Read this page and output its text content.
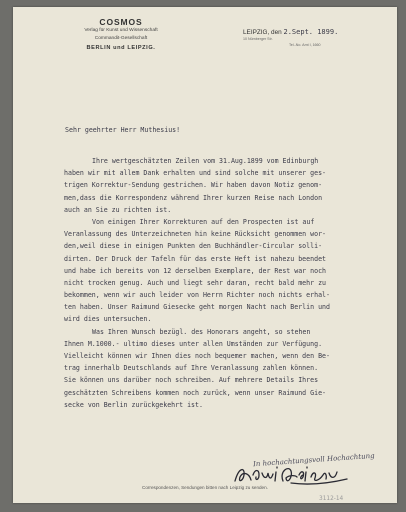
COSMOS
Verlag für Kunst und Wissenschaft
Commandit-Gesellschaft
BERLIN und LEIPZIG.
LEIPZIG, den 2.Sept. 1899.
10 Nürnberger Str.
Tel.-No. Amt I, 1660
Sehr geehrter Herr Muthesius!
Ihre wertgeschätzten Zeilen vom 31.Aug.1899 vom Edinburgh
haben wir mit allem Dank erhalten und sind solche mit unserer ges-
trigen Korrektur-Sendung gestrichen. Wir haben davon Notiz genom-
men,dass die Korrespondenz während Ihrer kurzen Reise nach London
auch an Sie zu richten ist.
Von einigen Ihrer Korrekturen auf den Prospecten ist auf
Veranlassung des Unterzeichneten hin keine Rücksicht genommen wor-
den,weil diese in einigen Punkten den Buchhändler-Circular solli-
dirten. Der Druck der Tafeln für das erste Heft ist nahezu beendet
und habe ich bereits von 12 derselben Exemplare, der Rest war noch
nicht trocken genug. Auch und liegt sehr daran, recht bald mehr zu
bekommen, wenn wir auch leider von Herrn Richter noch nichts erhal-
ten haben. Unser Raimund Giesecke geht morgen Nacht nach Berlin und
wird dies untersuchen.
Was Ihren Wunsch bezügl. des Honorars angeht, so stehen
Ihnen M.1000.- ultimo dieses unter allen Umständen zur Verfügung.
Vielleicht können wir Ihnen dies noch bequemer machen, wenn den Be-
trag innerhalb Deutschlands auf Ihre Veranlassung zahlen können.
Sie können uns darüber noch schreiben. Auf mehrere Details Ihres
geschätzten Schreibens kommen noch zurück, wenn unser Raimund Gie-
secke von Berlin zurückgekehrt ist.
In hochachtungsvoll Hochachtung
Correspondenzen, Sendungen bitten nach Leipzig zu senden.
3112-14
